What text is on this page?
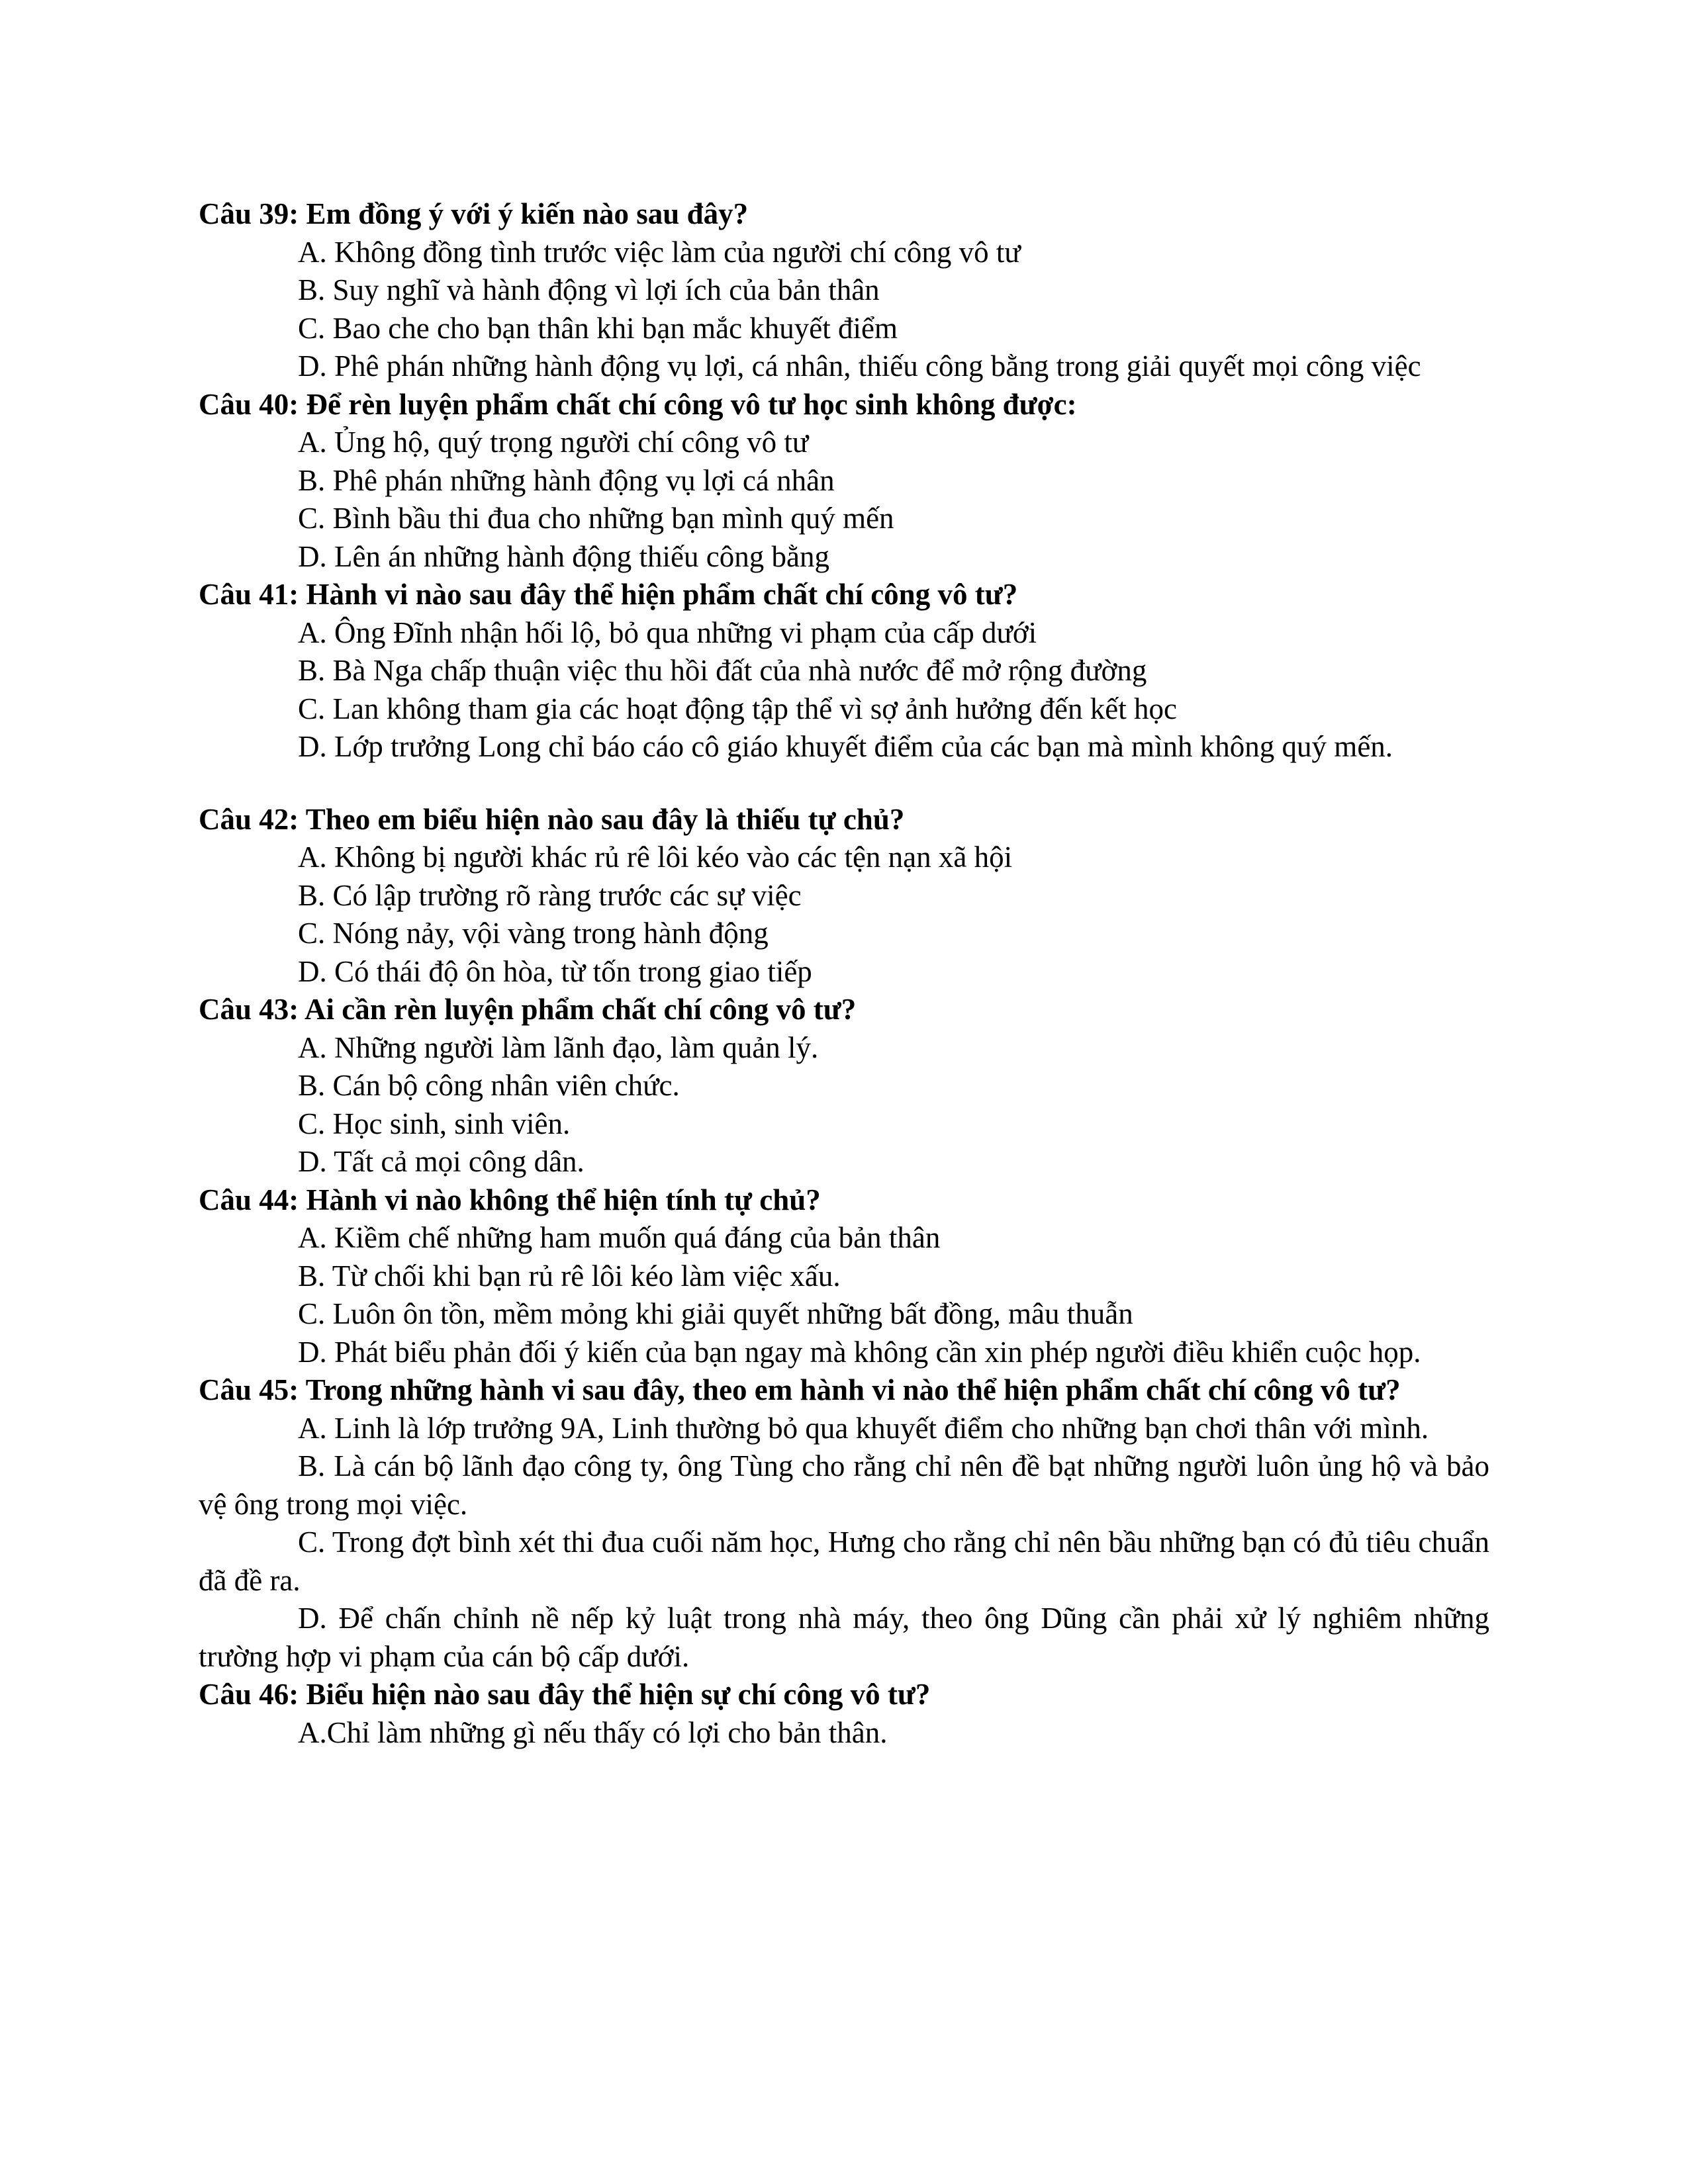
Câu 39: Em đồng ý với ý kiến nào sau đây?

A. Không đồng tình trước việc làm của người chí công vô tư

B. Suy nghĩ và hành động vì lợi ích của bản thân

C. Bao che cho bạn thân khi bạn mắc khuyết điểm

D. Phê phán những hành động vụ lợi, cá nhân, thiếu công bằng trong giải quyết mọi công việc

Câu 40: Để rèn luyện phẩm chất chí công vô tư học sinh không được:

A. Ủng hộ, quý trọng người chí công vô tư

B. Phê phán những hành động vụ lợi cá nhân

C. Bình bầu thi đua cho những bạn mình quý mến

D. Lên án những hành động thiếu công bằng

Câu 41: Hành vi nào sau đây thể hiện phẩm chất chí công vô tư?

A. Ông Đĩnh nhận hối lộ, bỏ qua những vi phạm của cấp dưới

B. Bà Nga chấp thuận việc thu hồi đất của nhà nước để mở rộng đường

C. Lan không tham gia các hoạt động tập thể vì sợ ảnh hưởng đến kết học

D. Lớp trưởng Long chỉ báo cáo cô giáo khuyết điểm của các bạn mà mình không quý mến.

Câu 42: Theo em biểu hiện nào sau đây là thiếu tự chủ?

A. Không bị người khác rủ rê lôi kéo vào các tện nạn xã hội

B. Có lập trường rõ ràng trước các sự việc

C. Nóng nảy, vội vàng trong hành động

D. Có thái độ ôn hòa, từ tốn trong giao tiếp

Câu 43: Ai cần rèn luyện phẩm chất chí công vô tư?

A. Những người làm lãnh đạo, làm quản lý.

B. Cán bộ công nhân viên chức.

C. Học sinh, sinh viên.

D. Tất cả mọi công dân.

Câu 44: Hành vi nào không thể hiện tính tự chủ?

A. Kiềm chế những ham muốn quá đáng của bản thân

B. Từ chối khi bạn rủ rê lôi kéo làm việc xấu.

C. Luôn ôn tồn, mềm mỏng khi giải quyết những bất đồng, mâu thuẫn

D. Phát biểu phản đối ý kiến của bạn ngay mà không cần xin phép người điều khiển cuộc họp.

Câu 45: Trong những hành vi sau đây, theo em hành vi nào thể hiện phẩm chất chí công vô tư?

A. Linh là lớp trưởng 9A, Linh thường bỏ qua khuyết điểm cho những bạn chơi thân với mình.

B. Là cán bộ lãnh đạo công ty, ông Tùng cho rằng chỉ nên đề bạt những người luôn ủng hộ và bảo vệ ông trong mọi việc.

C. Trong đợt bình xét thi đua cuối năm học, Hưng cho rằng chỉ nên bầu những bạn có đủ tiêu chuẩn đã đề ra.

D. Để chấn chỉnh nề nếp kỷ luật trong nhà máy, theo ông Dũng cần phải xử lý nghiêm những trường hợp vi phạm của cán bộ cấp dưới.

Câu 46: Biểu hiện nào sau đây thể hiện sự chí công vô tư?

A.Chỉ làm những gì nếu thấy có lợi cho bản thân.
